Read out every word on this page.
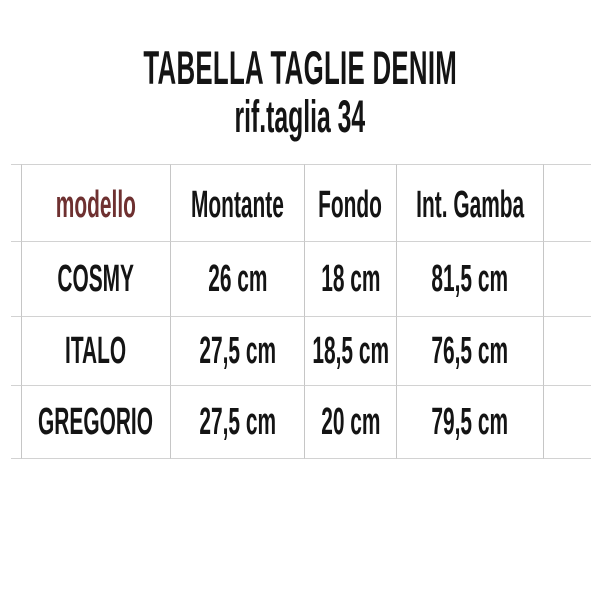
TABELLA TAGLIE DENIM
rif.taglia 34
modello Montante Fondo Int. Gamba
COSMY 26 cm 18 cm 81,5 cm
ITALO 27,5 cm 18,5 cm 76,5 cm
GREGORIO 27,5 cm 20 cm 79,5 cm
